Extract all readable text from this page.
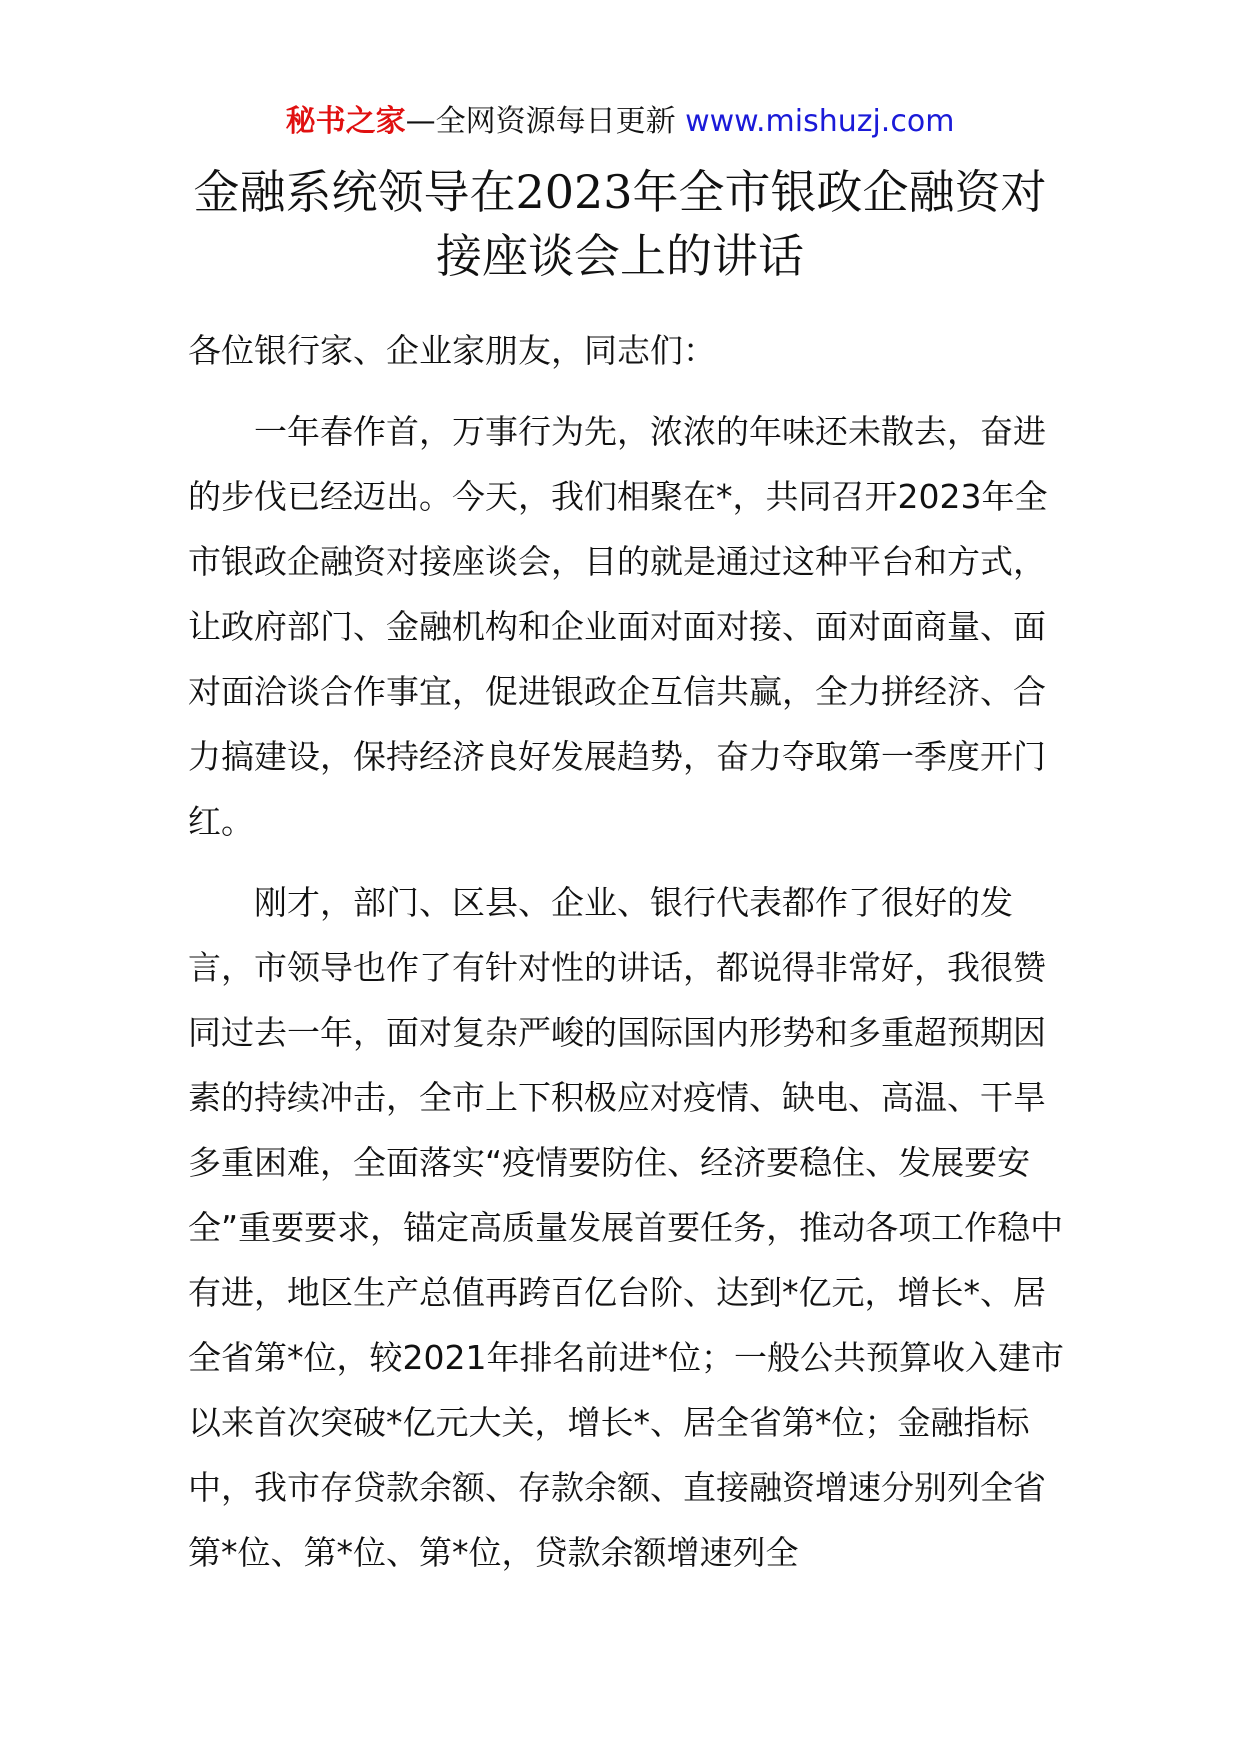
秘书之家—全网资源每日更新 www.mishuzj.com
金融系统领导在2023年全市银政企融资对
接座谈会上的讲话

各位银行家、企业家朋友，同志们：

一年春作首，万事行为先，浓浓的年味还未散去，奋进的步伐已经迈出。今天，我们相聚在*，共同召开2023年全市银政企融资对接座谈会，目的就是通过这种平台和方式，让政府部门、金融机构和企业面对面对接、面对面商量、面对面洽谈合作事宜，促进银政企互信共赢，全力拼经济、合力搞建设，保持经济良好发展趋势，奋力夺取第一季度开门红。

刚才，部门、区县、企业、银行代表都作了很好的发言，市领导也作了有针对性的讲话，都说得非常好，我很赞同过去一年，面对复杂严峻的国际国内形势和多重超预期因素的持续冲击，全市上下积极应对疫情、缺电、高温、干旱多重困难，全面落实“疫情要防住、经济要稳住、发展要安全”重要要求，锚定高质量发展首要任务，推动各项工作稳中有进，地区生产总值再跨百亿台阶、达到*亿元，增长*、居全省第*位，较2021年排名前进*位；一般公共预算收入建市以来首次突破*亿元大关，增长*、居全省第*位；金融指标中，我市存贷款余额、存款余额、直接融资增速分别列全省第*位、第*位、第*位，贷款余额增速列全
